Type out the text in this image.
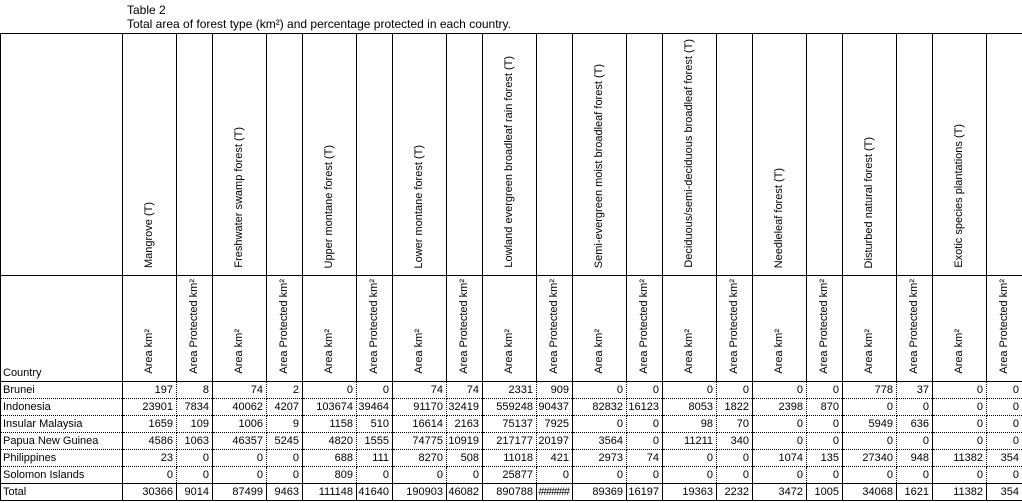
Table 2
Total area of forest type (km²) and percentage protected in each country.
	Mangrove (T)		Freshwater swamp forest (T)		Upper montane forest (T)		Lower montane forest (T)		Lowland evergreen broadleaf rain forest (T)		Semi-evergreen moist broadleaf forest (T)		Deciduous/semi-deciduous broadleaf forest (T)		Needleleaf forest (T)		Disturbed natural forest (T)		Exotic species plantations (T)	
Country	Area km²	Area Protected km²	Area km²	Area Protected km²	Area km²	Area Protected km²	Area km²	Area Protected km²	Area km²	Area Protected km²	Area km²	Area Protected km²	Area km²	Area Protected km²	Area km²	Area Protected km²	Area km²	Area Protected km²	Area km²	Area Protected km²
Brunei	197	8	74	2	0	0	74	74	2331	909	0	0	0	0	0	0	778	37	0	0
Indonesia	23901	7834	40062	4207	103674	39464	91170	32419	559248	90437	82832	16123	8053	1822	2398	870	0	0	0	0
Insular Malaysia	1659	109	1006	9	1158	510	16614	2163	75137	7925	0	0	98	70	0	0	5949	636	0	0
Papua New Guinea	4586	1063	46357	5245	4820	1555	74775	10919	217177	20197	3564	0	11211	340	0	0	0	0	0	0
Philippines	23	0	0	0	688	111	8270	508	11018	421	2973	74	0	0	1074	135	27340	948	11382	354
Solomon Islands	0	0	0	0	809	0	0	0	25877	0	0	0	0	0	0	0	0	0	0	0
Total	30366	9014	87499	9463	111148	41640	190903	46082	890788	######	89369	16197	19363	2232	3472	1005	34068	1621	11382	354
